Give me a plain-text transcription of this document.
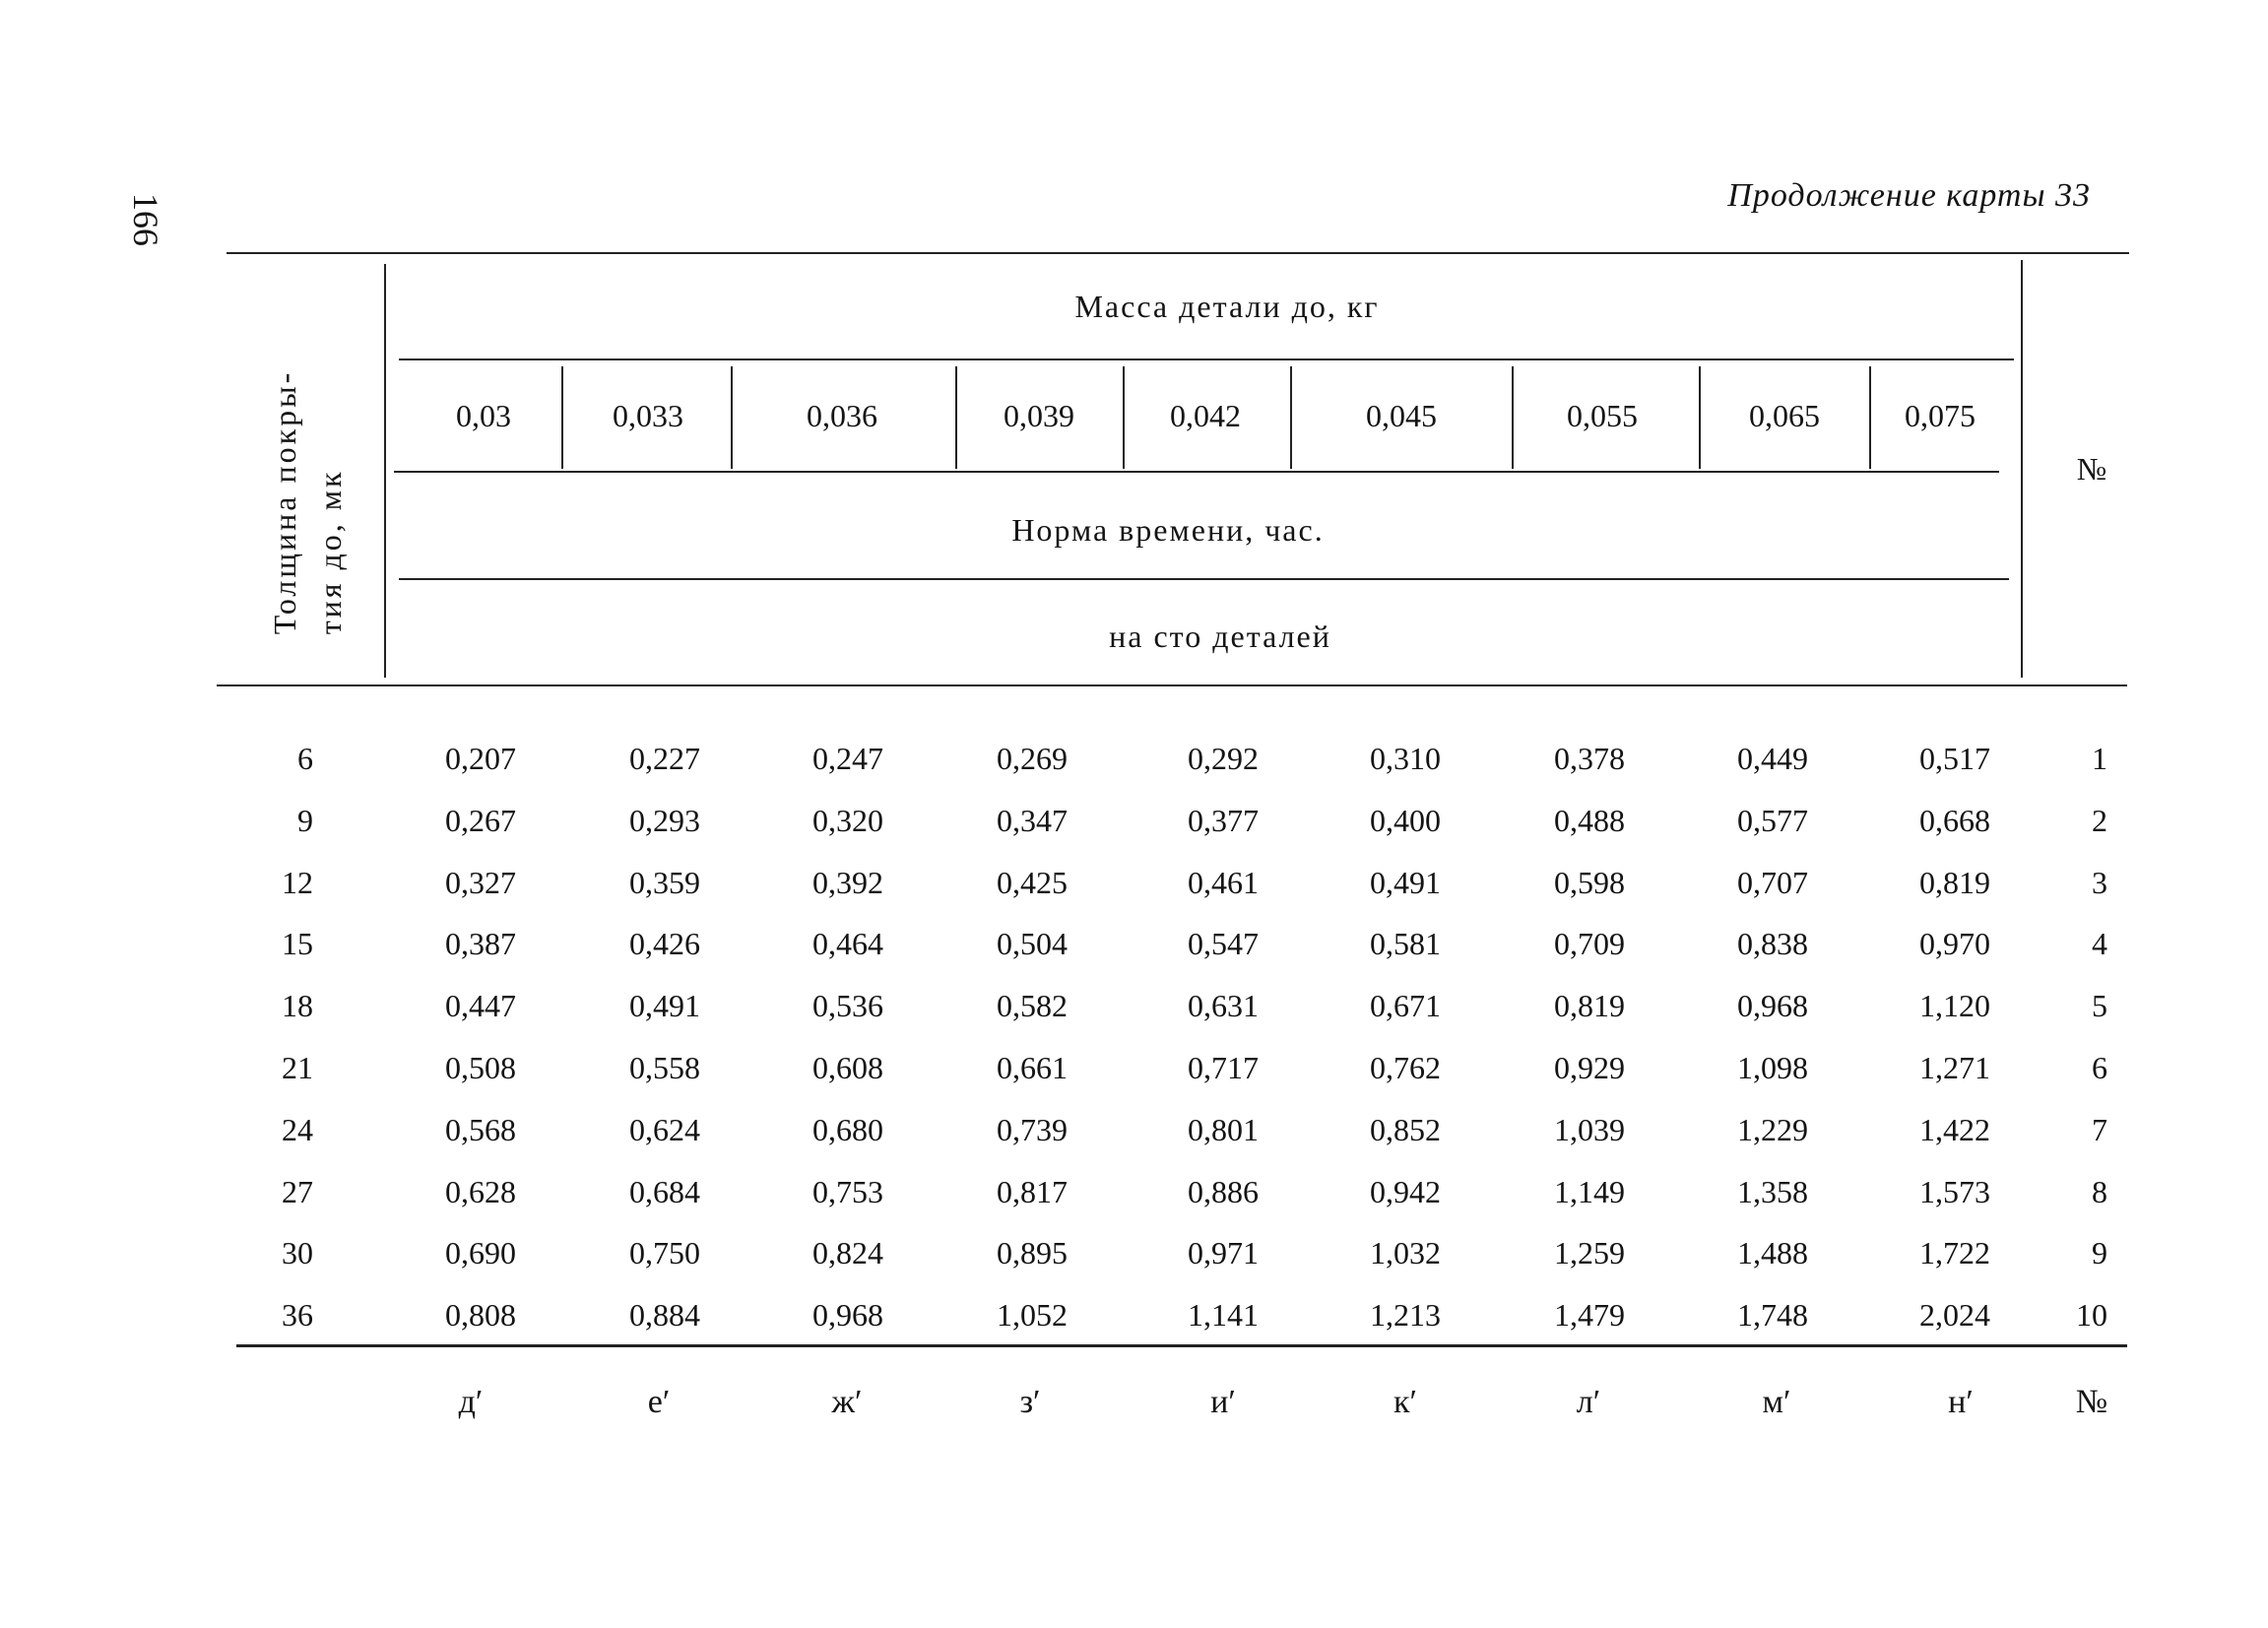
166	Продолжение карты 33
Толщина покры- тия до, мк
Масса детали до, кг
Норма времени, час.
на сто деталей
№
0,03	0,033	0,036	0,039	0,042	0,045	0,055	0,065	0,075
6	0,207	0,227	0,247	0,269	0,292	0,310	0,378	0,449	0,517	1
9	0,267	0,293	0,320	0,347	0,377	0,400	0,488	0,577	0,668	2
12	0,327	0,359	0,392	0,425	0,461	0,491	0,598	0,707	0,819	3
15	0,387	0,426	0,464	0,504	0,547	0,581	0,709	0,838	0,970	4
18	0,447	0,491	0,536	0,582	0,631	0,671	0,819	0,968	1,120	5
21	0,508	0,558	0,608	0,661	0,717	0,762	0,929	1,098	1,271	6
24	0,568	0,624	0,680	0,739	0,801	0,852	1,039	1,229	1,422	7
27	0,628	0,684	0,753	0,817	0,886	0,942	1,149	1,358	1,573	8
30	0,690	0,750	0,824	0,895	0,971	1,032	1,259	1,488	1,722	9
36	0,808	0,884	0,968	1,052	1,141	1,213	1,479	1,748	2,024	10
д′	е′	ж′	з′	и′	к′	л′	м′	н′	№
